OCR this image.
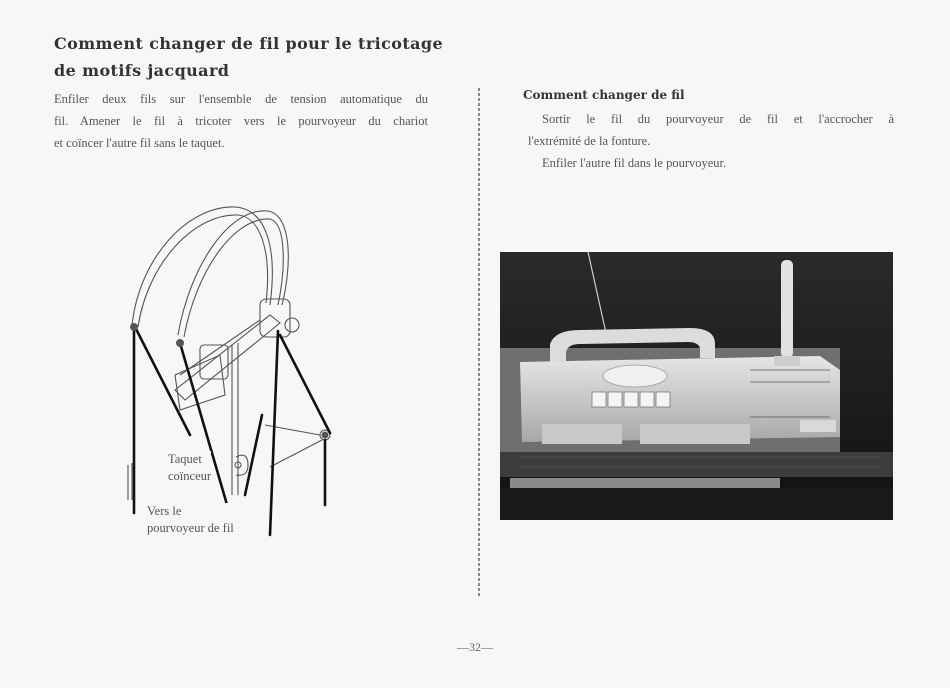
Comment changer de fil pour le tricotage
de motifs jacquard
Enfiler deux fils sur l'ensemble de tension automatique du
fil. Amener le fil à tricoter vers le pourvoyeur du chariot
et coïncer l'autre fil sans le taquet.
Taquet
coïnceur
Vers le
pourvoyeur de fil
Comment changer de fil
Sortir le fil du pourvoyeur de fil et l'accrocher à
l'extrémité de la fonture.
Enfiler l'autre fil dans le pourvoyeur.
—32—
